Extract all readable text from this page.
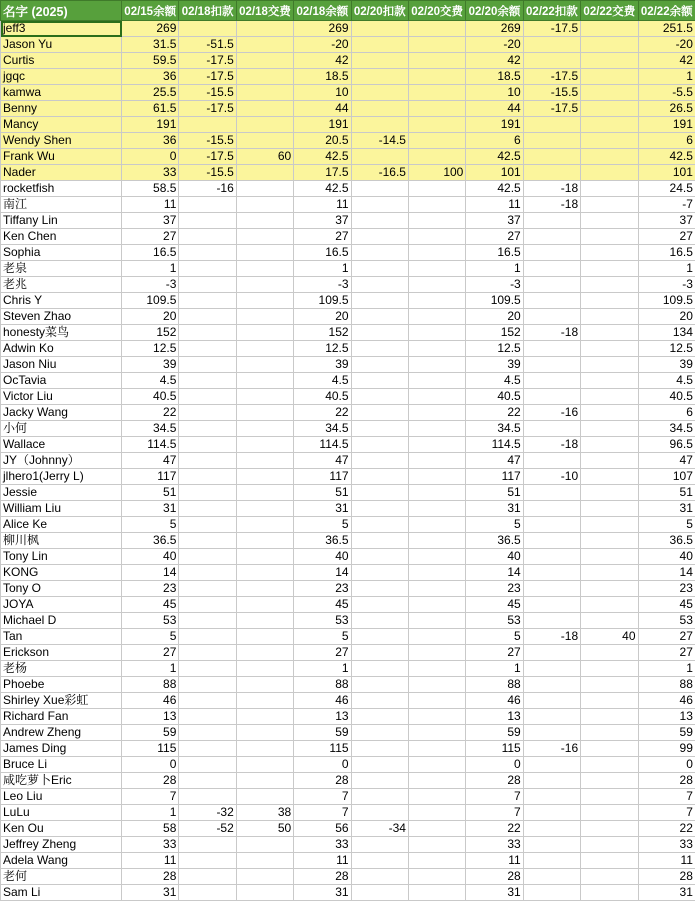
名字 (2025)	02/15余额	02/18扣款	02/18交费	02/18余额	02/20扣款	02/20交费	02/20余额	02/22扣款	02/22交费	02/22余额
jeff3	269			269			269	-17.5		251.5
Jason Yu	31.5	-51.5		-20			-20			-20
Curtis	59.5	-17.5		42			42			42
jgqc	36	-17.5		18.5			18.5	-17.5		1
kamwa	25.5	-15.5		10			10	-15.5		-5.5
Benny	61.5	-17.5		44			44	-17.5		26.5
Mancy	191			191			191			191
Wendy Shen	36	-15.5		20.5	-14.5		6			6
Frank Wu	0	-17.5	60	42.5			42.5			42.5
Nader	33	-15.5		17.5	-16.5	100	101			101
rocketfish	58.5	-16		42.5			42.5	-18		24.5
南江	11			11			11	-18		-7
Tiffany Lin	37			37			37			37
Ken Chen	27			27			27			27
Sophia	16.5			16.5			16.5			16.5
老泉	1			1			1			1
老兆	-3			-3			-3			-3
Chris Y	109.5			109.5			109.5			109.5
Steven Zhao	20			20			20			20
honesty菜鸟	152			152			152	-18		134
Adwin Ko	12.5			12.5			12.5			12.5
Jason Niu	39			39			39			39
OcTavia	4.5			4.5			4.5			4.5
Victor Liu	40.5			40.5			40.5			40.5
Jacky Wang	22			22			22	-16		6
小何	34.5			34.5			34.5			34.5
Wallace	114.5			114.5			114.5	-18		96.5
JY（Johnny）	47			47			47			47
jlhero1(Jerry L)	117			117			117	-10		107
Jessie	51			51			51			51
William Liu	31			31			31			31
Alice Ke	5			5			5			5
柳川枫	36.5			36.5			36.5			36.5
Tony Lin	40			40			40			40
KONG	14			14			14			14
Tony O	23			23			23			23
JOYA	45			45			45			45
Michael D	53			53			53			53
Tan	5			5			5	-18	40	27
Erickson	27			27			27			27
老杨	1			1			1			1
Phoebe	88			88			88			88
Shirley Xue彩虹	46			46			46			46
Richard Fan	13			13			13			13
Andrew Zheng	59			59			59			59
James Ding	115			115			115	-16		99
Bruce Li	0			0			0			0
咸吃萝卜Eric	28			28			28			28
Leo Liu	7			7			7			7
LuLu	1	-32	38	7			7			7
Ken Ou	58	-52	50	56	-34		22			22
Jeffrey Zheng	33			33			33			33
Adela Wang	11			11			11			11
老何	28			28			28			28
Sam Li	31			31			31			31
